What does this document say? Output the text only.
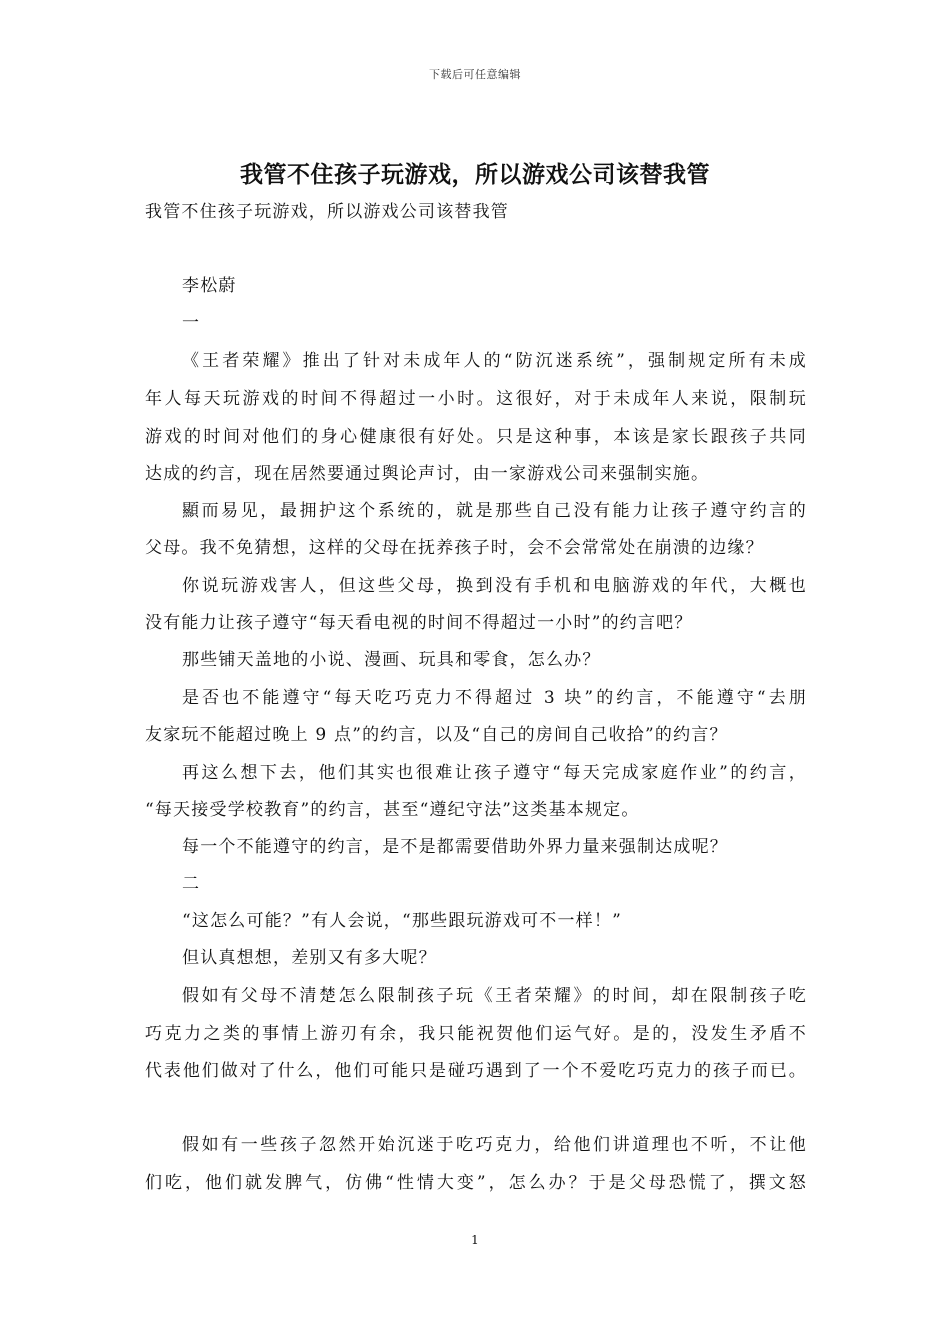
下载后可任意编辑
我管不住孩子玩游戏，所以游戏公司该替我管
我管不住孩子玩游戏，所以游戏公司该替我管
李松蔚
一
《王者荣耀》推出了针对未成年人的“防沉迷系统”，强制规定所有未成
年人每天玩游戏的时间不得超过一小时。这很好，对于未成年人来说，限制玩
游戏的时间对他们的身心健康很有好处。只是这种事，本该是家长跟孩子共同
达成的约言，现在居然要通过舆论声讨，由一家游戏公司来强制实施。
顯而易见，最拥护这个系统的，就是那些自己没有能力让孩子遵守约言的
父母。我不免猜想，这样的父母在抚养孩子时，会不会常常处在崩溃的边缘？
你说玩游戏害人，但这些父母，换到没有手机和电脑游戏的年代，大概也
没有能力让孩子遵守“每天看电视的时间不得超过一小时”的约言吧？
那些铺天盖地的小说、漫画、玩具和零食，怎么办？
是否也不能遵守“每天吃巧克力不得超过 3 块”的约言，不能遵守“去朋
友家玩不能超过晚上 9 点”的约言，以及“自己的房间自己收拾”的约言？
再这么想下去，他们其实也很难让孩子遵守“每天完成家庭作业”的约言，
“每天接受学校教育”的约言，甚至“遵纪守法”这类基本规定。
每一个不能遵守的约言，是不是都需要借助外界力量来强制达成呢？
二
“这怎么可能？”有人会说，“那些跟玩游戏可不一样！”
但认真想想，差别又有多大呢？
假如有父母不清楚怎么限制孩子玩《王者荣耀》的时间，却在限制孩子吃
巧克力之类的事情上游刃有余，我只能祝贺他们运气好。是的，没发生矛盾不
代表他们做对了什么，他们可能只是碰巧遇到了一个不爱吃巧克力的孩子而已。
假如有一些孩子忽然开始沉迷于吃巧克力，给他们讲道理也不听，不让他
们吃，他们就发脾气，仿佛“性情大变”，怎么办？于是父母恐慌了，撰文怒
1
